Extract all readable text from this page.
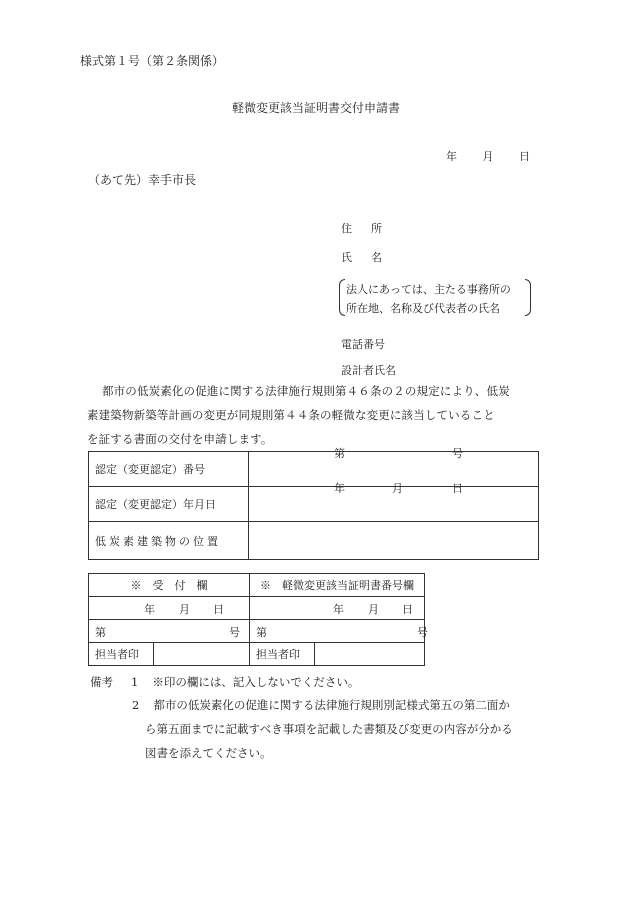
様式第１号（第２条関係）
軽微変更該当証明書交付申請書
年 月 日
（あて先）幸手市長
住 所
氏 名
法人にあっては、主たる事務所の
所在地、名称及び代表者の氏名
電話番号
設計者氏名
都市の低炭素化の促進に関する法律施行規則第４６条の２の規定により、低炭
素建築物新築等計画の変更が同規則第４４条の軽微な変更に該当していること
を証する書面の交付を申請します。
認定（変更認定）番号	第 号

認定（変更認定）年月日	年 月 日

低炭素建築物の位置	
※　受　付　欄		※　軽微変更該当証明書番号欄	

年 月 日		年 月 日	

第 号		第 号	

担当者印		担当者印	
備考 1 ※印の欄には、記入しないでください。
2 都市の低炭素化の促進に関する法律施行規則別記様式第五の第二面か
ら第五面までに記載すべき事項を記載した書類及び変更の内容が分かる
図書を添えてください。
